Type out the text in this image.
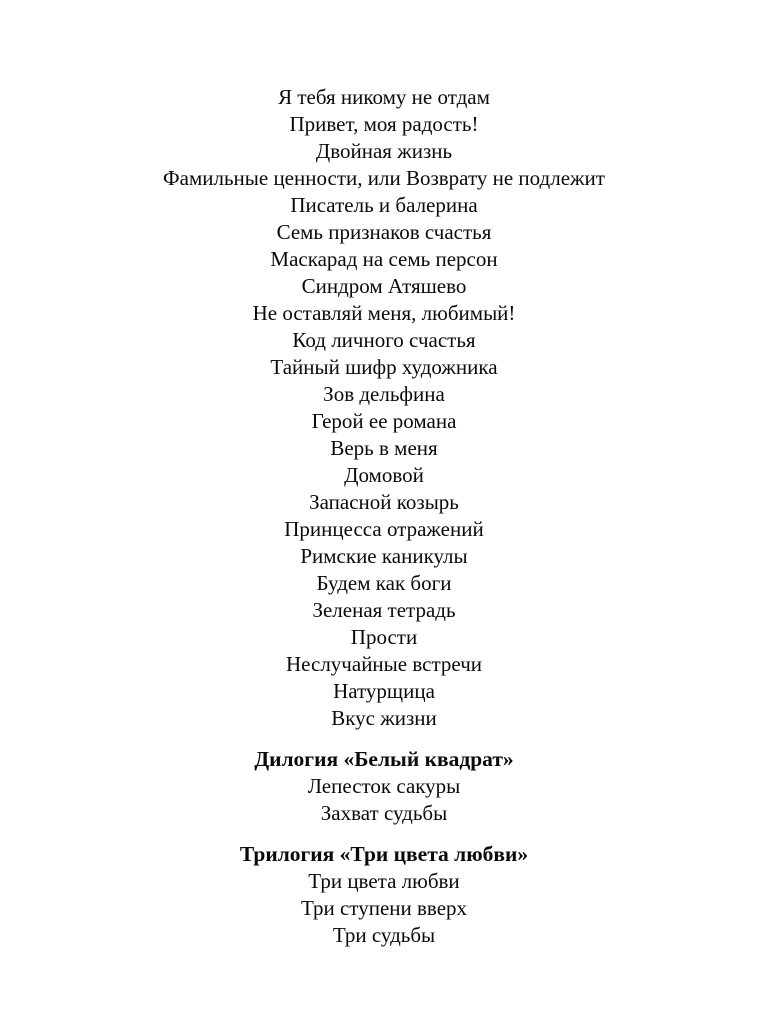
Я тебя никому не отдам

Привет, моя радость!

Двойная жизнь

Фамильные ценности, или Возврату не подлежит

Писатель и балерина

Семь признаков счастья

Маскарад на семь персон

Синдром Атяшево

Не оставляй меня, любимый!

Код личного счастья

Тайный шифр художника

Зов дельфина

Герой ее романа

Верь в меня

Домовой

Запасной козырь

Принцесса отражений

Римские каникулы

Будем как боги

Зеленая тетрадь

Прости

Неслучайные встречи

Натурщица

Вкус жизни

Дилогия «Белый квадрат»

Лепесток сакуры

Захват судьбы

Трилогия «Три цвета любви»

Три цвета любви

Три ступени вверх

Три судьбы
